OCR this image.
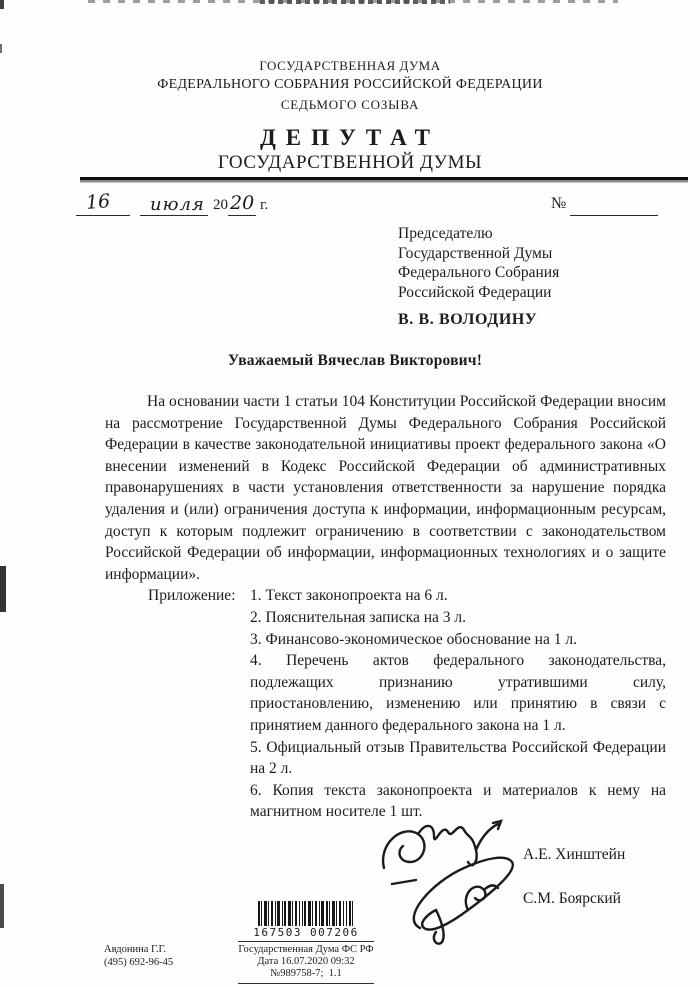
ГОСУДАРСТВЕННАЯ ДУМА
ФЕДЕРАЛЬНОГО СОБРАНИЯ РОССИЙСКОЙ ФЕДЕРАЦИИ
СЕДЬМОГО СОЗЫВА
ДЕПУТАТ
ГОСУДАРСТВЕННОЙ ДУМЫ
16 июля 20 20 г.	№
Председателю
Государственной Думы
Федерального Собрания
Российской Федерации
В. В. ВОЛОДИНУ
Уважаемый Вячеслав Викторович!
На основании части 1 статьи 104 Конституции Российской Федерации вносим на рассмотрение Государственной Думы Федерального Собрания Российской Федерации в качестве законодательной инициативы проект федерального закона «О внесении изменений в Кодекс Российской Федерации об административных правонарушениях в части установления ответственности за нарушение порядка удаления и (или) ограничения доступа к информации, информационным ресурсам, доступ к которым подлежит ограничению в соответствии с законодательством Российской Федерации об информации, информационных технологиях и о защите информации».
Приложение: 1. Текст законопроекта на 6 л.
2. Пояснительная записка на 3 л.
3. Финансово-экономическое обоснование на 1 л.
4. Перечень актов федерального законодательства, подлежащих признанию утратившими силу, приостановлению, изменению или принятию в связи с принятием данного федерального закона на 1 л.
5. Официальный отзыв Правительства Российской Федерации на 2 л.
6. Копия текста законопроекта и материалов к нему на магнитном носителе 1 шт.
А.Е. Хинштейн
С.М. Боярский
Авдонина Г.Г.
(495) 692-96-45
167503 007206
Государственная Дума ФС РФ
Дата 16.07.2020 09:32
№989758-7;  1.1
